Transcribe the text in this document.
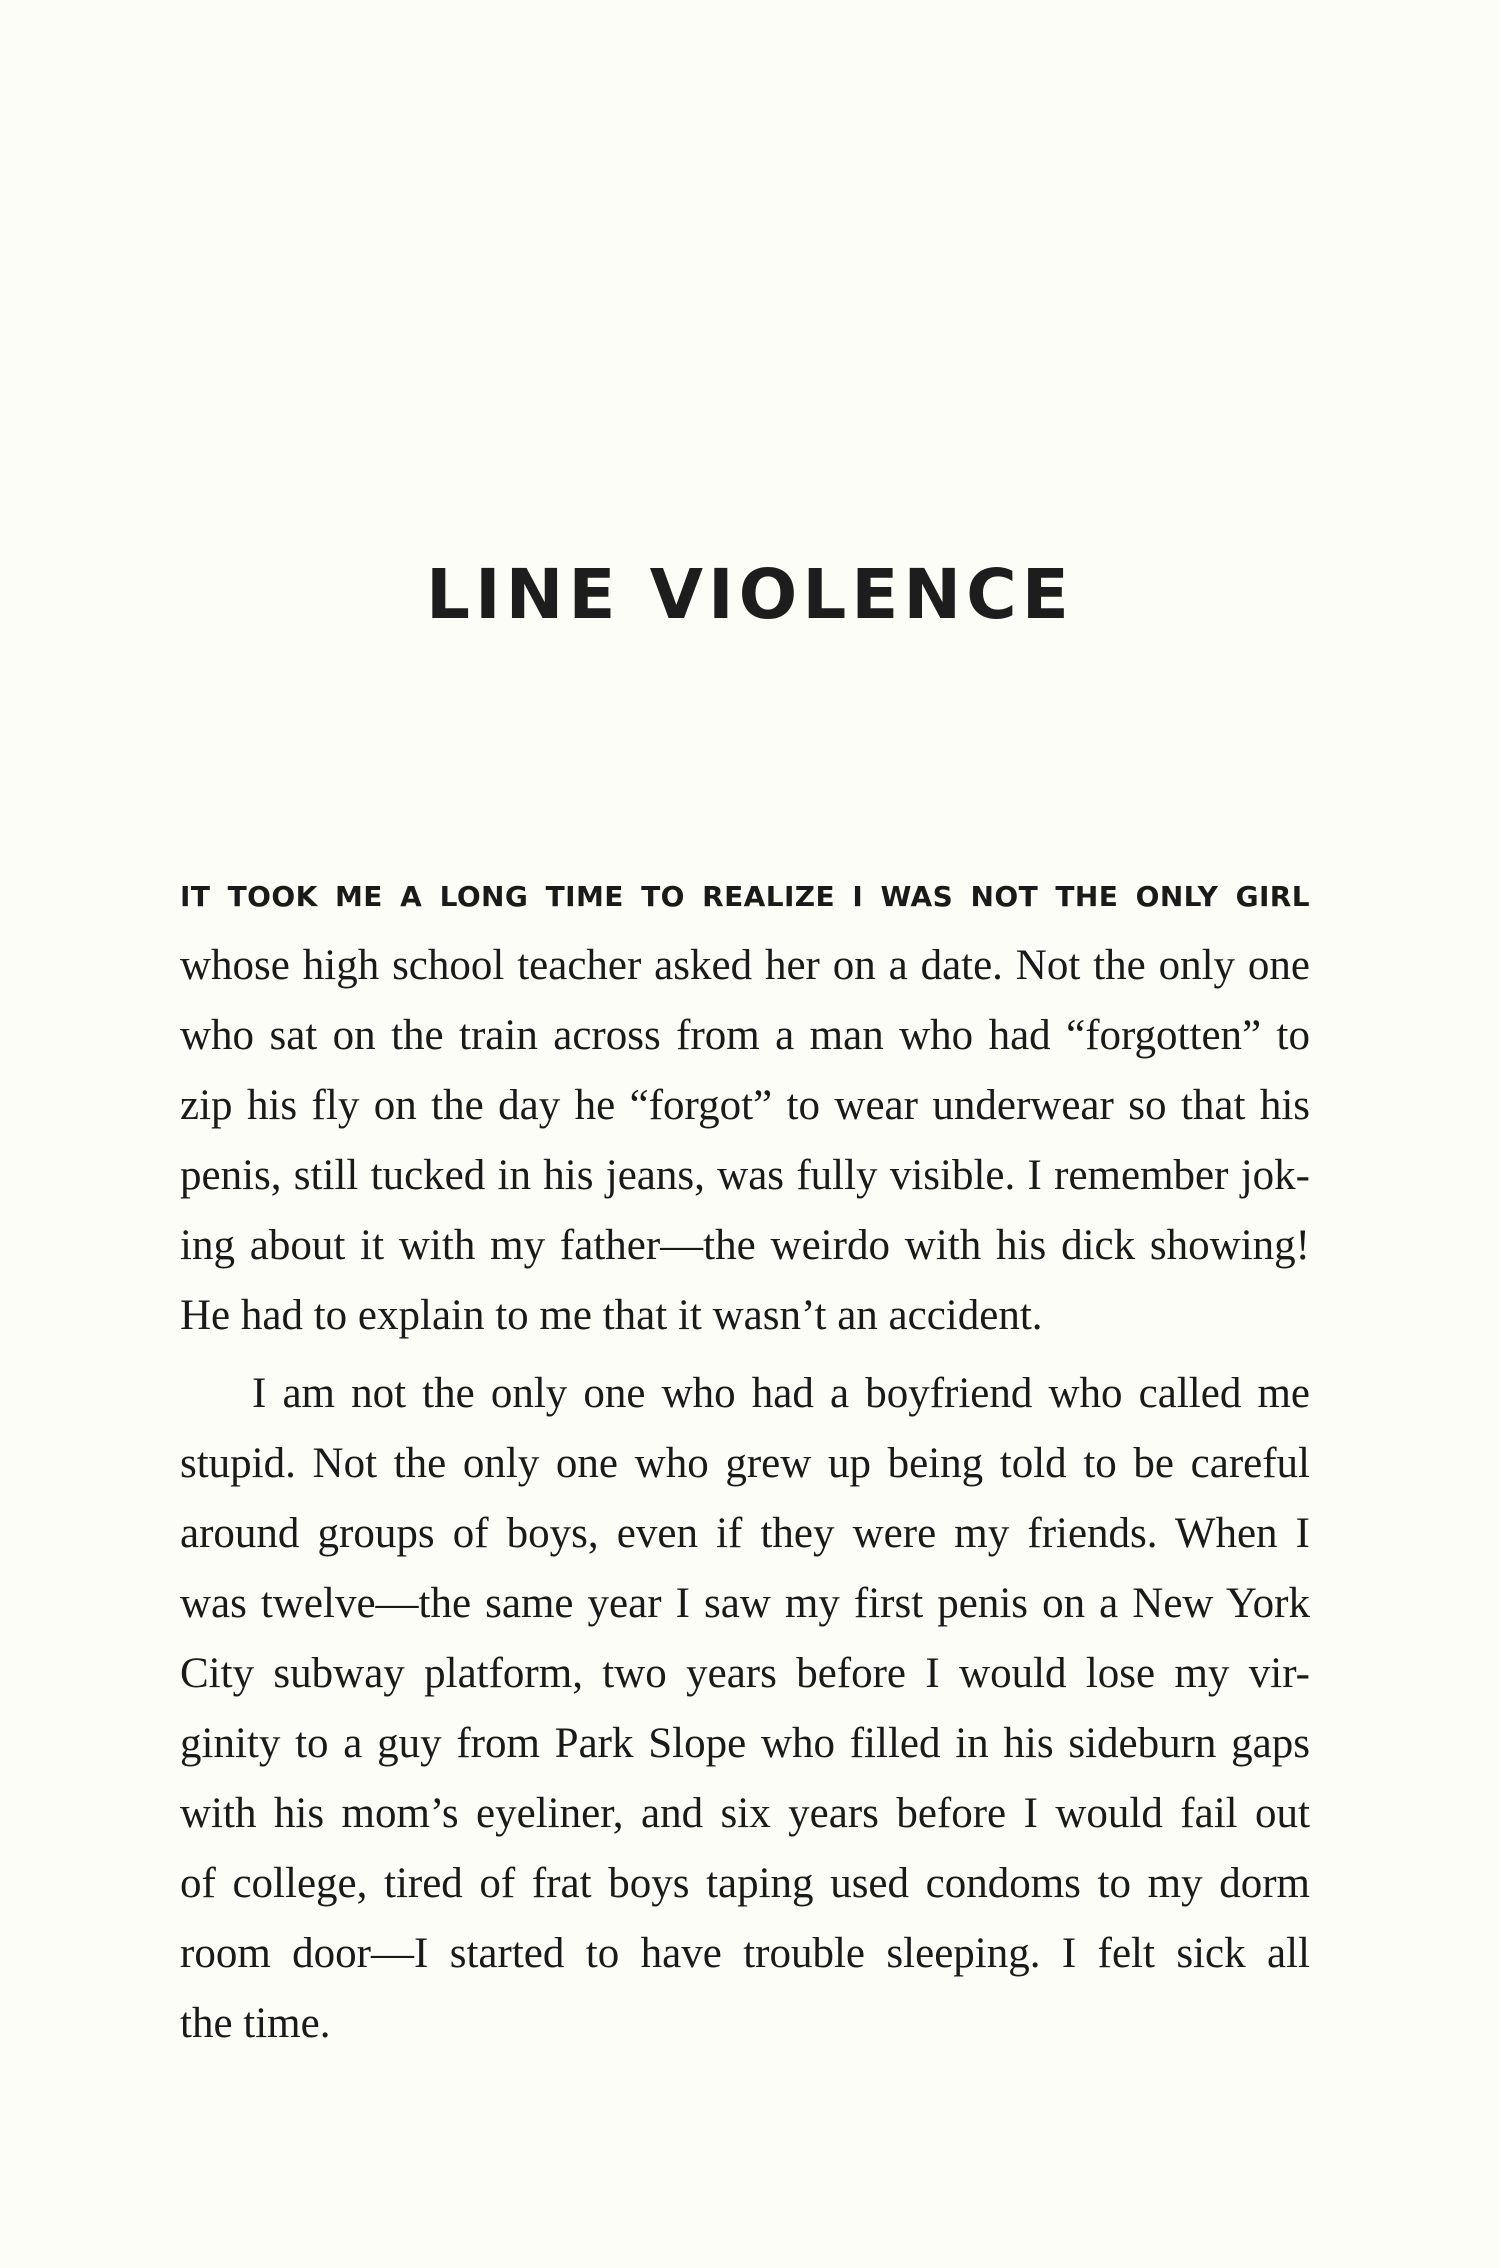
LINE VIOLENCE

IT TOOK ME A LONG TIME TO REALIZE I WAS NOT THE ONLY GIRL

whose high school teacher asked her on a date. Not the only one

who sat on the train across from a man who had “forgotten” to

zip his fly on the day he “forgot” to wear underwear so that his

penis, still tucked in his jeans, was fully visible. I remember jok-

ing about it with my father—the weirdo with his dick showing!

He had to explain to me that it wasn’t an accident.

I am not the only one who had a boyfriend who called me

stupid. Not the only one who grew up being told to be careful

around groups of boys, even if they were my friends. When I

was twelve—the same year I saw my first penis on a New York

City subway platform, two years before I would lose my vir-

ginity to a guy from Park Slope who filled in his sideburn gaps

with his mom’s eyeliner, and six years before I would fail out

of college, tired of frat boys taping used condoms to my dorm

room door—I started to have trouble sleeping. I felt sick all

the time.
